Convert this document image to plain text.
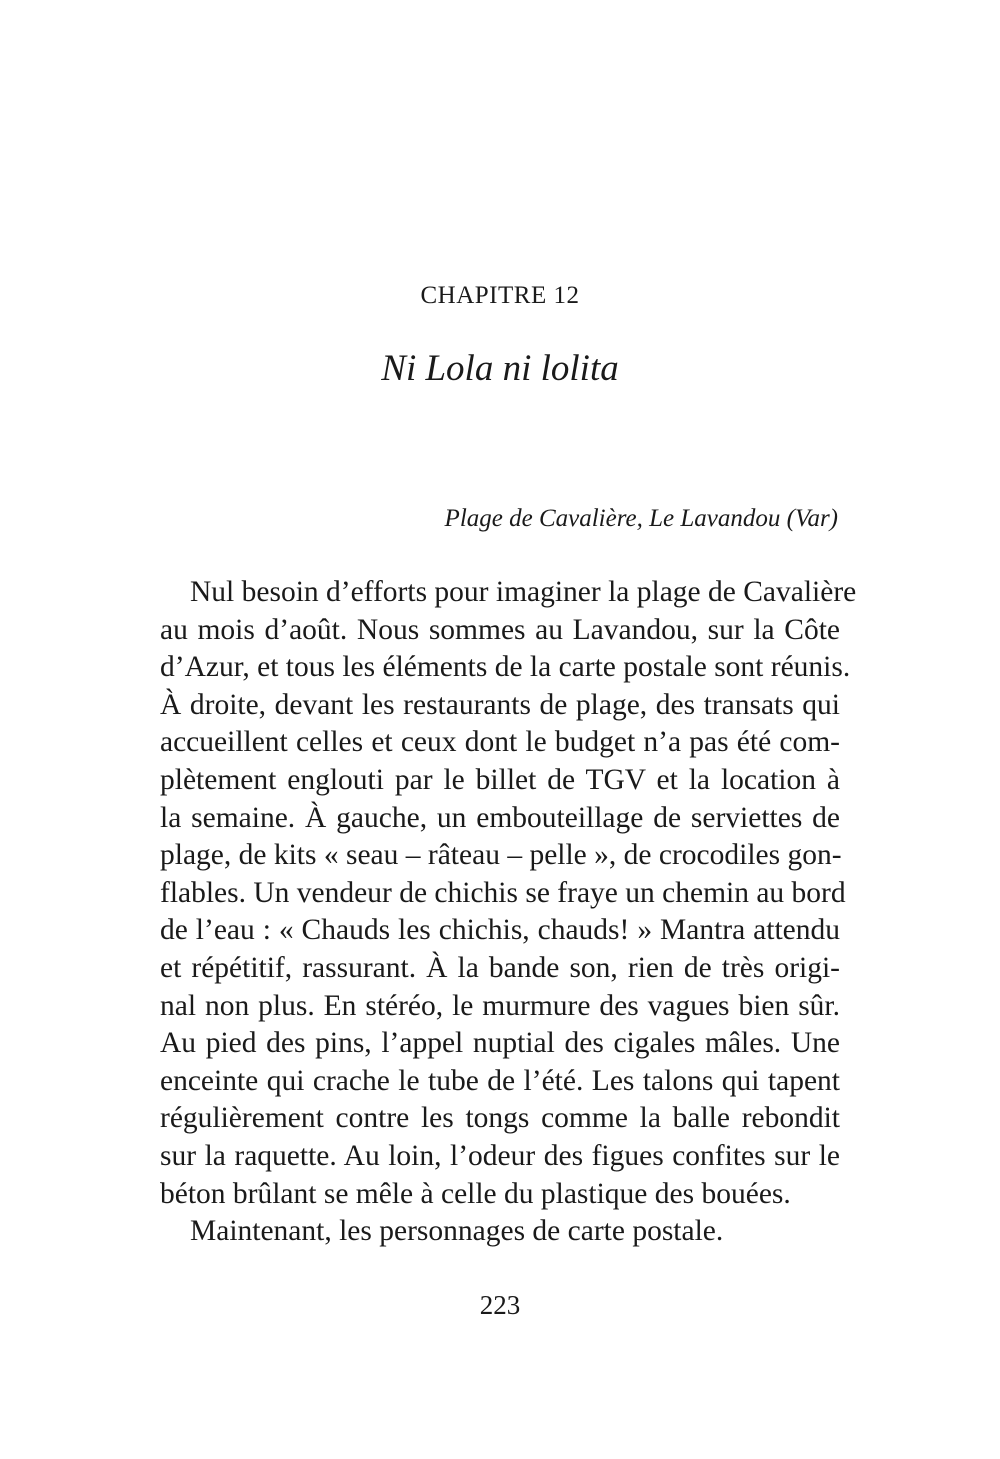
CHAPITRE 12
Ni Lola ni lolita
Plage de Cavalière, Le Lavandou (Var)
Nul besoin d’efforts pour imaginer la plage de Cavalière
au mois d’août. Nous sommes au Lavandou, sur la Côte
d’Azur, et tous les éléments de la carte postale sont réunis.
À droite, devant les restaurants de plage, des transats qui
accueillent celles et ceux dont le budget n’a pas été com-
plètement englouti par le billet de TGV et la location à
la semaine. À gauche, un embouteillage de serviettes de
plage, de kits « seau – râteau – pelle », de crocodiles gon-
flables. Un vendeur de chichis se fraye un chemin au bord
de l’eau : « Chauds les chichis, chauds! » Mantra attendu
et répétitif, rassurant. À la bande son, rien de très origi-
nal non plus. En stéréo, le murmure des vagues bien sûr.
Au pied des pins, l’appel nuptial des cigales mâles. Une
enceinte qui crache le tube de l’été. Les talons qui tapent
régulièrement contre les tongs comme la balle rebondit
sur la raquette. Au loin, l’odeur des figues confites sur le
béton brûlant se mêle à celle du plastique des bouées.
Maintenant, les personnages de carte postale.
223
